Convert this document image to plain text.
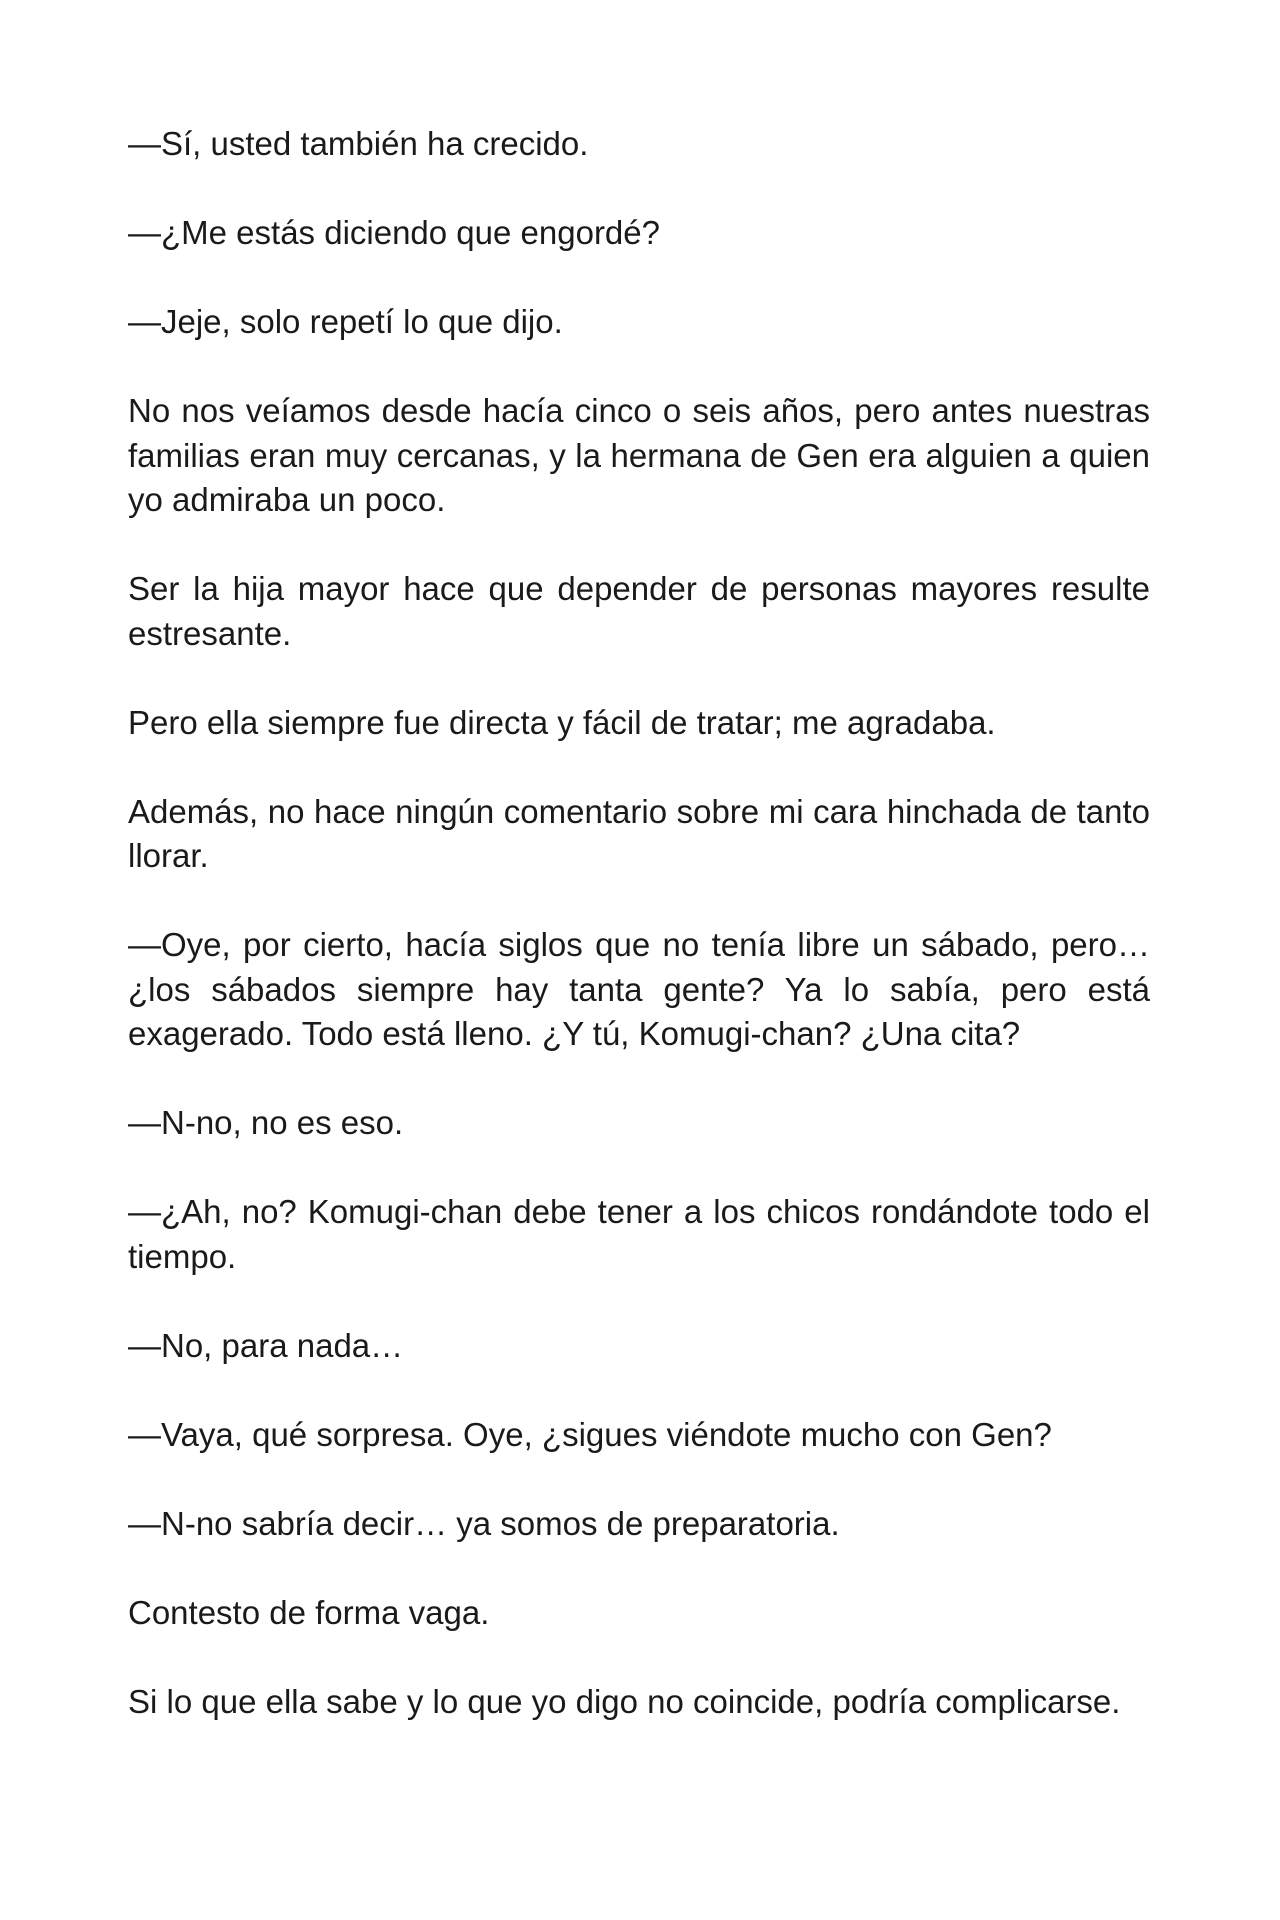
—Sí, usted también ha crecido.

—¿Me estás diciendo que engordé?

—Jeje, solo repetí lo que dijo.

No nos veíamos desde hacía cinco o seis años, pero antes nuestras familias eran muy cercanas, y la hermana de Gen era alguien a quien yo admiraba un poco.

Ser la hija mayor hace que depender de personas mayores resulte estresante.

Pero ella siempre fue directa y fácil de tratar; me agradaba.

Además, no hace ningún comentario sobre mi cara hinchada de tanto llorar.

—Oye, por cierto, hacía siglos que no tenía libre un sábado, pero… ¿los sábados siempre hay tanta gente? Ya lo sabía, pero está exagerado. Todo está lleno. ¿Y tú, Komugi-chan? ¿Una cita?

—N-no, no es eso.

—¿Ah, no? Komugi-chan debe tener a los chicos rondándote todo el tiempo.

—No, para nada…

—Vaya, qué sorpresa. Oye, ¿sigues viéndote mucho con Gen?

—N-no sabría decir… ya somos de preparatoria.

Contesto de forma vaga.

Si lo que ella sabe y lo que yo digo no coincide, podría complicarse.
